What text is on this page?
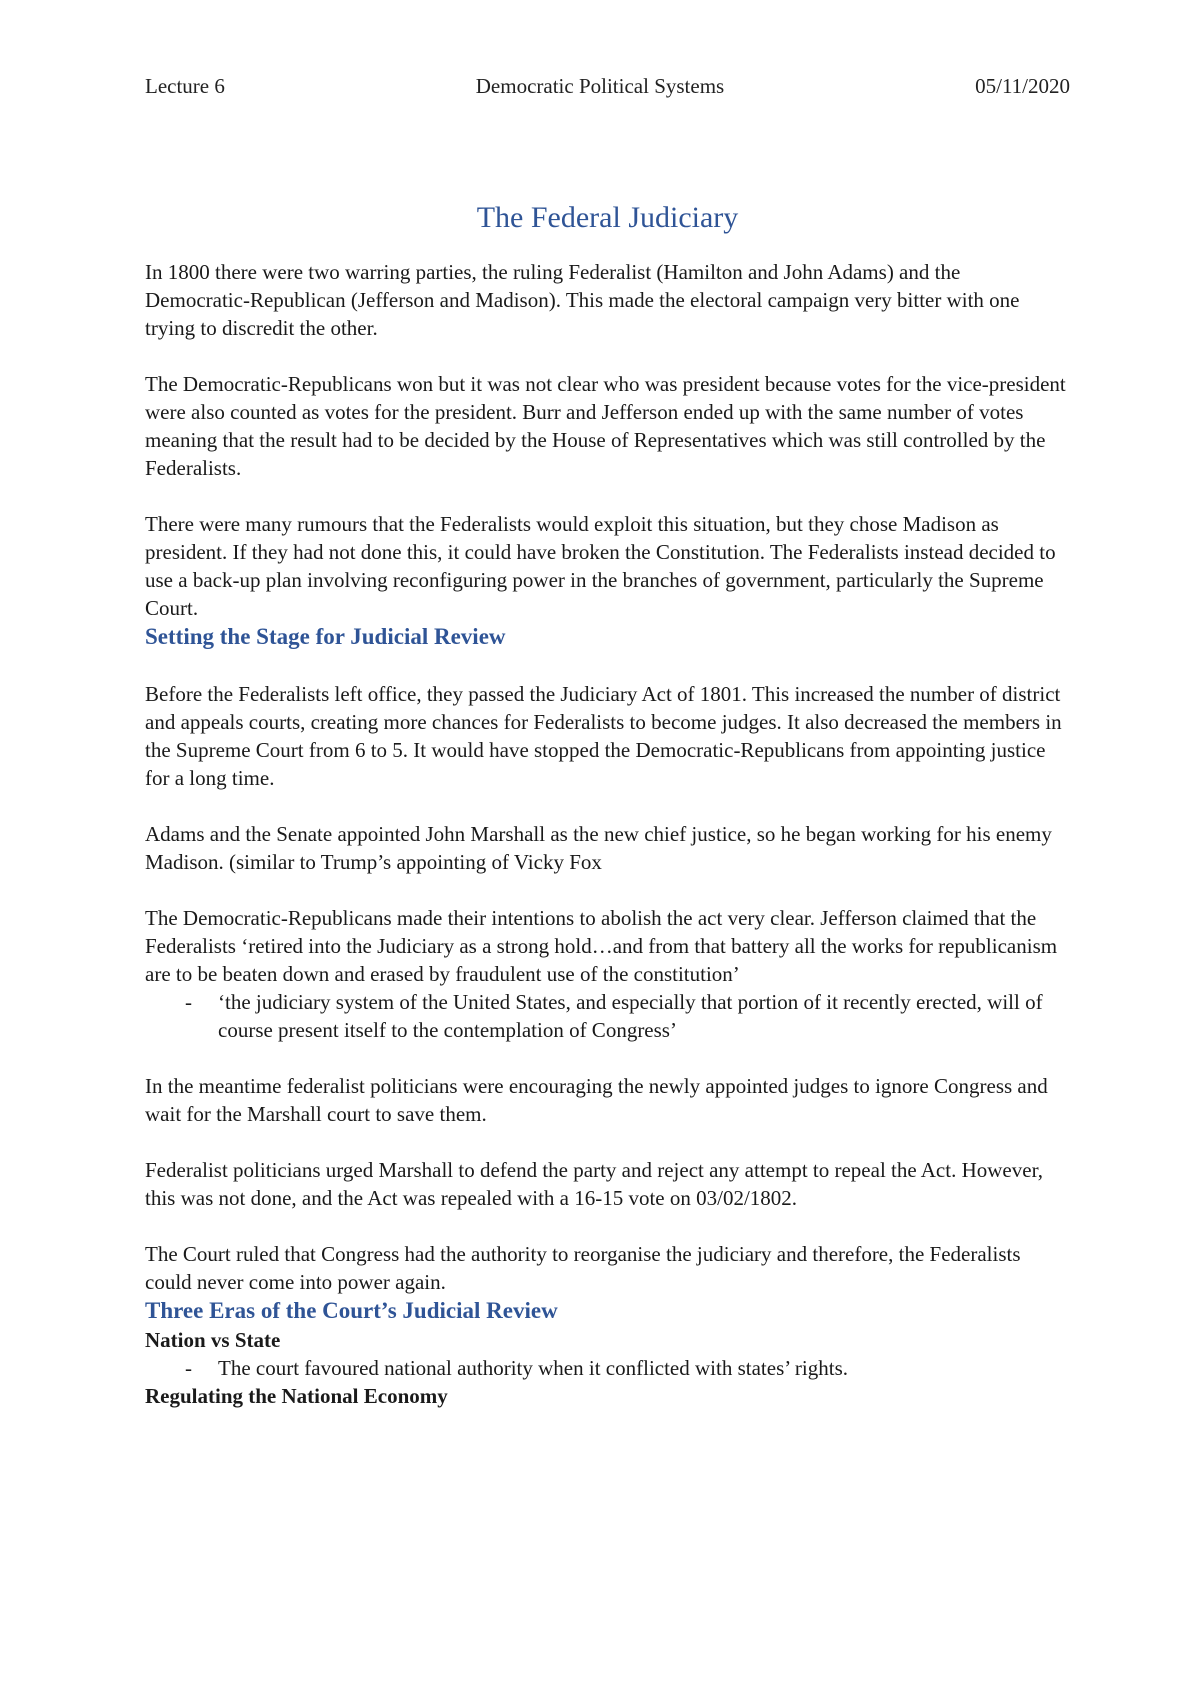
Lecture 6	Democratic Political Systems	05/11/2020
The Federal Judiciary

In 1800 there were two warring parties, the ruling Federalist (Hamilton and John Adams) and the Democratic-Republican (Jefferson and Madison). This made the electoral campaign very bitter with one trying to discredit the other.

The Democratic-Republicans won but it was not clear who was president because votes for the vice-president were also counted as votes for the president. Burr and Jefferson ended up with the same number of votes meaning that the result had to be decided by the House of Representatives which was still controlled by the Federalists.

There were many rumours that the Federalists would exploit this situation, but they chose Madison as president. If they had not done this, it could have broken the Constitution. The Federalists instead decided to use a back-up plan involving reconfiguring power in the branches of government, particularly the Supreme Court.

Setting the Stage for Judicial Review

Before the Federalists left office, they passed the Judiciary Act of 1801. This increased the number of district and appeals courts, creating more chances for Federalists to become judges. It also decreased the members in the Supreme Court from 6 to 5. It would have stopped the Democratic-Republicans from appointing justice for a long time.

Adams and the Senate appointed John Marshall as the new chief justice, so he began working for his enemy Madison. (similar to Trump’s appointing of Vicky Fox

The Democratic-Republicans made their intentions to abolish the act very clear. Jefferson claimed that the Federalists ‘retired into the Judiciary as a strong hold…and from that battery all the works for republicanism are to be beaten down and erased by fraudulent use of the constitution’

- ‘the judiciary system of the United States, and especially that portion of it recently erected, will of course present itself to the contemplation of Congress’

In the meantime federalist politicians were encouraging the newly appointed judges to ignore Congress and wait for the Marshall court to save them.

Federalist politicians urged Marshall to defend the party and reject any attempt to repeal the Act. However, this was not done, and the Act was repealed with a 16-15 vote on 03/02/1802.

The Court ruled that Congress had the authority to reorganise the judiciary and therefore, the Federalists could never come into power again.

Three Eras of the Court’s Judicial Review

Nation vs State

- The court favoured national authority when it conflicted with states’ rights.

Regulating the National Economy
